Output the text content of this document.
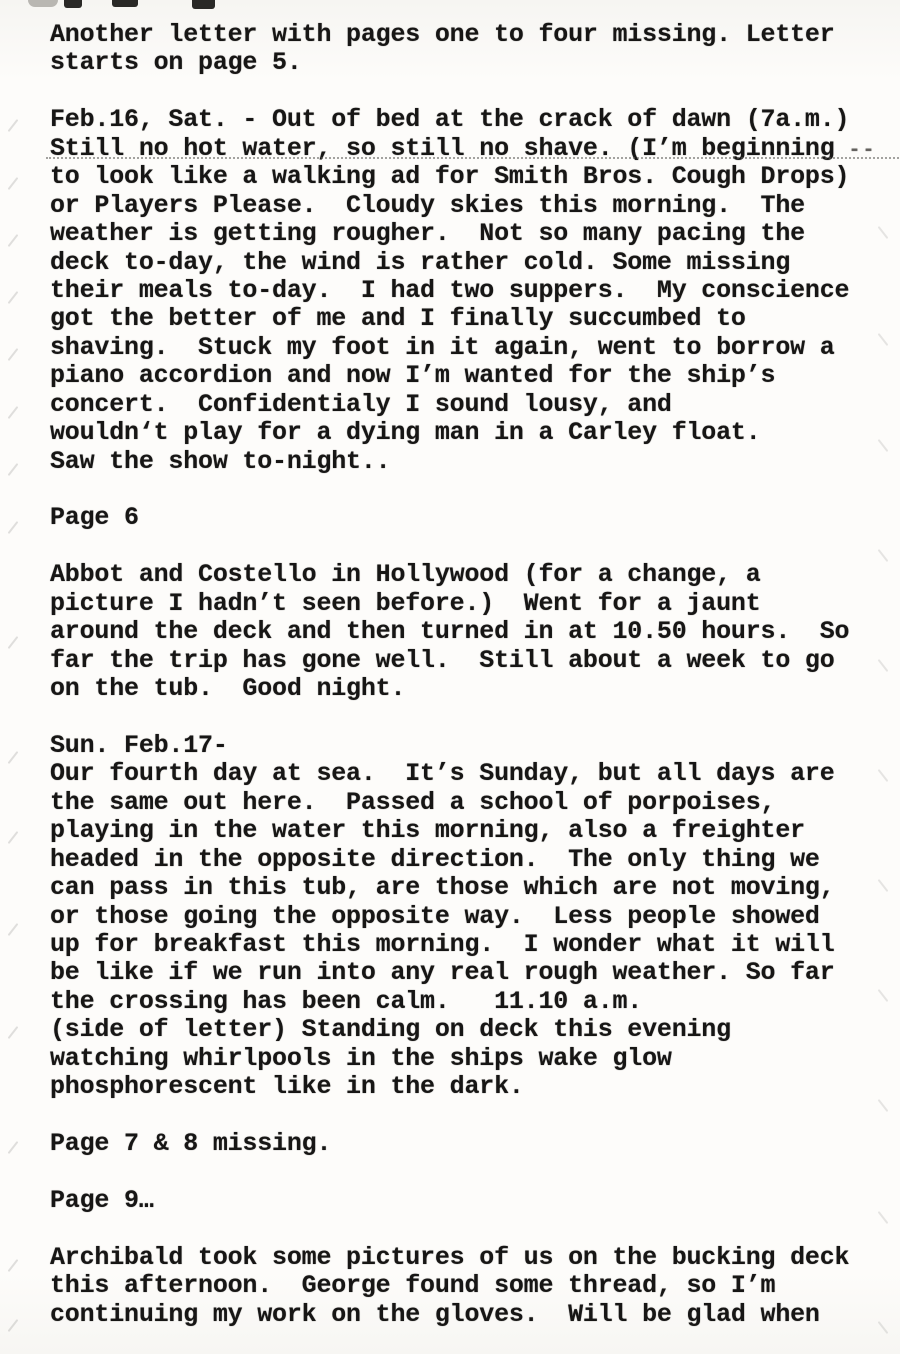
Another letter with pages one to four missing. Letter
starts on page 5.
Feb.16, Sat. - Out of bed at the crack of dawn (7a.m.)
Still no hot water, so still no shave. (I’m beginning --
to look like a walking ad for Smith Bros. Cough Drops)
or Players Please.  Cloudy skies this morning.  The
weather is getting rougher.  Not so many pacing the
deck to-day, the wind is rather cold. Some missing
their meals to-day.  I had two suppers.  My conscience
got the better of me and I finally succumbed to
shaving.  Stuck my foot in it again, went to borrow a
piano accordion and now I’m wanted for the ship’s
concert.  Confidentialy I sound lousy, and
wouldn‘t play for a dying man in a Carley float.
Saw the show to-night..
Page 6
Abbot and Costello in Hollywood (for a change, a
picture I hadn’t seen before.)  Went for a jaunt
around the deck and then turned in at 10.50 hours.  So
far the trip has gone well.  Still about a week to go
on the tub.  Good night.
Sun. Feb.17-
Our fourth day at sea.  It’s Sunday, but all days are
the same out here.  Passed a school of porpoises,
playing in the water this morning, also a freighter
headed in the opposite direction.  The only thing we
can pass in this tub, are those which are not moving,
or those going the opposite way.  Less people showed
up for breakfast this morning.  I wonder what it will
be like if we run into any real rough weather. So far
the crossing has been calm.   11.10 a.m.
(side of letter) Standing on deck this evening
watching whirlpools in the ships wake glow
phosphorescent like in the dark.
Page 7 & 8 missing.
Page 9…
Archibald took some pictures of us on the bucking deck
this afternoon.  George found some thread, so I’m
continuing my work on the gloves.  Will be glad when
